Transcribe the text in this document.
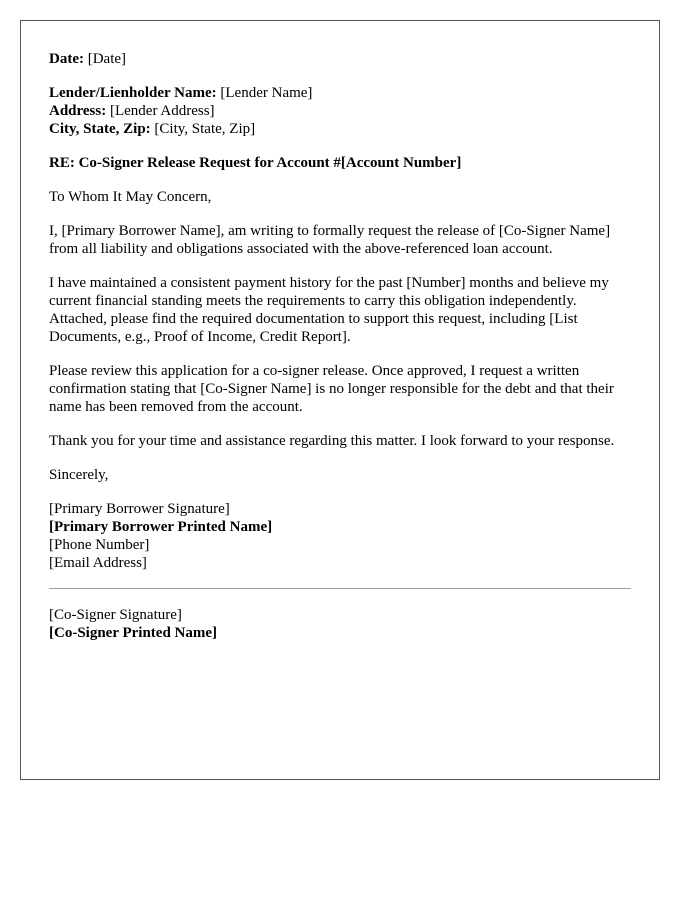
Date: [Date]

Lender/Lienholder Name: [Lender Name]
Address: [Lender Address]
City, State, Zip: [City, State, Zip]

RE: Co-Signer Release Request for Account #[Account Number]

To Whom It May Concern,

I, [Primary Borrower Name], am writing to formally request the release of [Co-Signer Name] from all liability and obligations associated with the above-referenced loan account.

I have maintained a consistent payment history for the past [Number] months and believe my current financial standing meets the requirements to carry this obligation independently. Attached, please find the required documentation to support this request, including [List Documents, e.g., Proof of Income, Credit Report].

Please review this application for a co-signer release. Once approved, I request a written confirmation stating that [Co-Signer Name] is no longer responsible for the debt and that their name has been removed from the account.

Thank you for your time and assistance regarding this matter. I look forward to your response.

Sincerely,

[Primary Borrower Signature]
[Primary Borrower Printed Name]
[Phone Number]
[Email Address]

[Co-Signer Signature]
[Co-Signer Printed Name]
